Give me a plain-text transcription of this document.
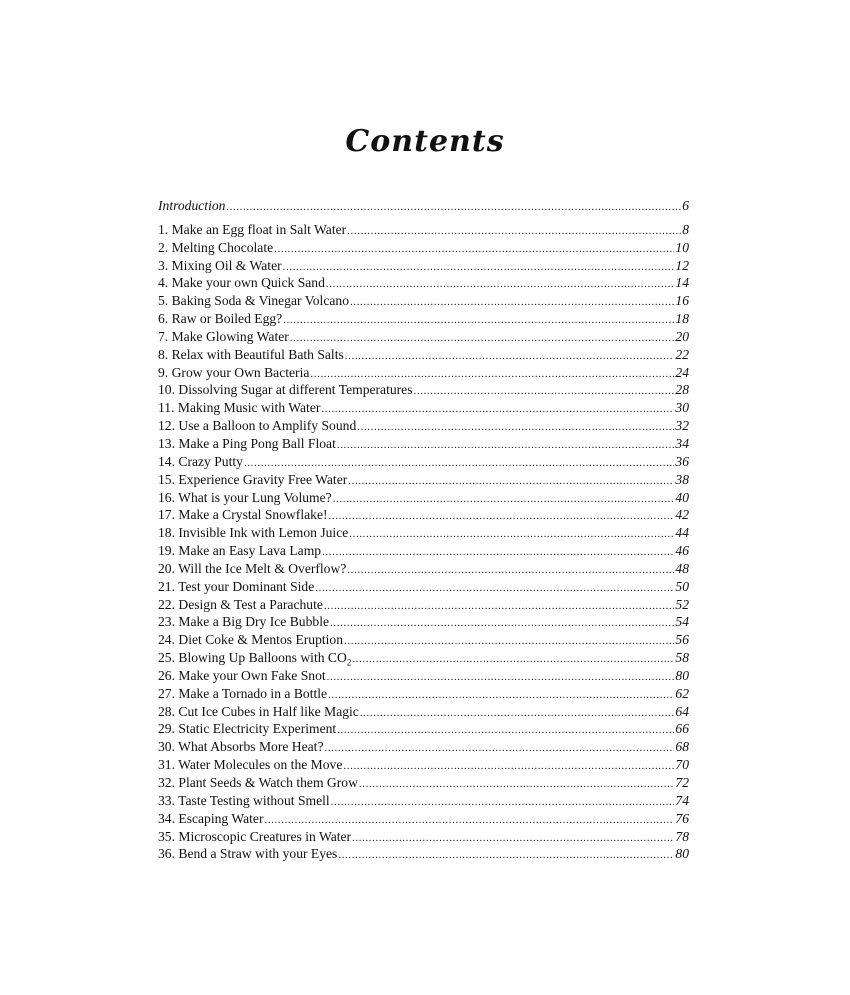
Contents
Introduction .....	6
1. Make an Egg float in Salt Water .....	8
2. Melting Chocolate .....	10
3. Mixing Oil & Water .....	12
4. Make your own Quick Sand .....	14
5. Baking Soda & Vinegar Volcano .....	16
6. Raw or Boiled Egg? .....	18
7. Make Glowing Water .....	20
8. Relax with Beautiful Bath Salts .....	22
9. Grow your Own Bacteria .....	24
10. Dissolving Sugar at different Temperatures .....	28
11. Making Music with Water .....	30
12. Use a Balloon to Amplify Sound .....	32
13. Make a Ping Pong Ball Float .....	34
14. Crazy Putty .....	36
15. Experience Gravity Free Water .....	38
16. What is your Lung Volume? .....	40
17. Make a Crystal Snowflake! .....	42
18. Invisible Ink with Lemon Juice .....	44
19. Make an Easy Lava Lamp .....	46
20. Will the Ice Melt & Overflow? .....	48
21. Test your Dominant Side .....	50
22. Design & Test a Parachute .....	52
23. Make a Big Dry Ice Bubble .....	54
24. Diet Coke & Mentos Eruption .....	56
25. Blowing Up Balloons with $CO_2$ .....	58
26. Make your Own Fake Snot .....	80
27. Make a Tornado in a Bottle .....	62
28. Cut Ice Cubes in Half like Magic .....	64
29. Static Electricity Experiment .....	66
30. What Absorbs More Heat? .....	68
31. Water Molecules on the Move .....	70
32. Plant Seeds & Watch them Grow .....	72
33. Taste Testing without Smell .....	74
34. Escaping Water .....	76
35. Microscopic Creatures in Water .....	78
36. Bend a Straw with your Eyes .....	80
